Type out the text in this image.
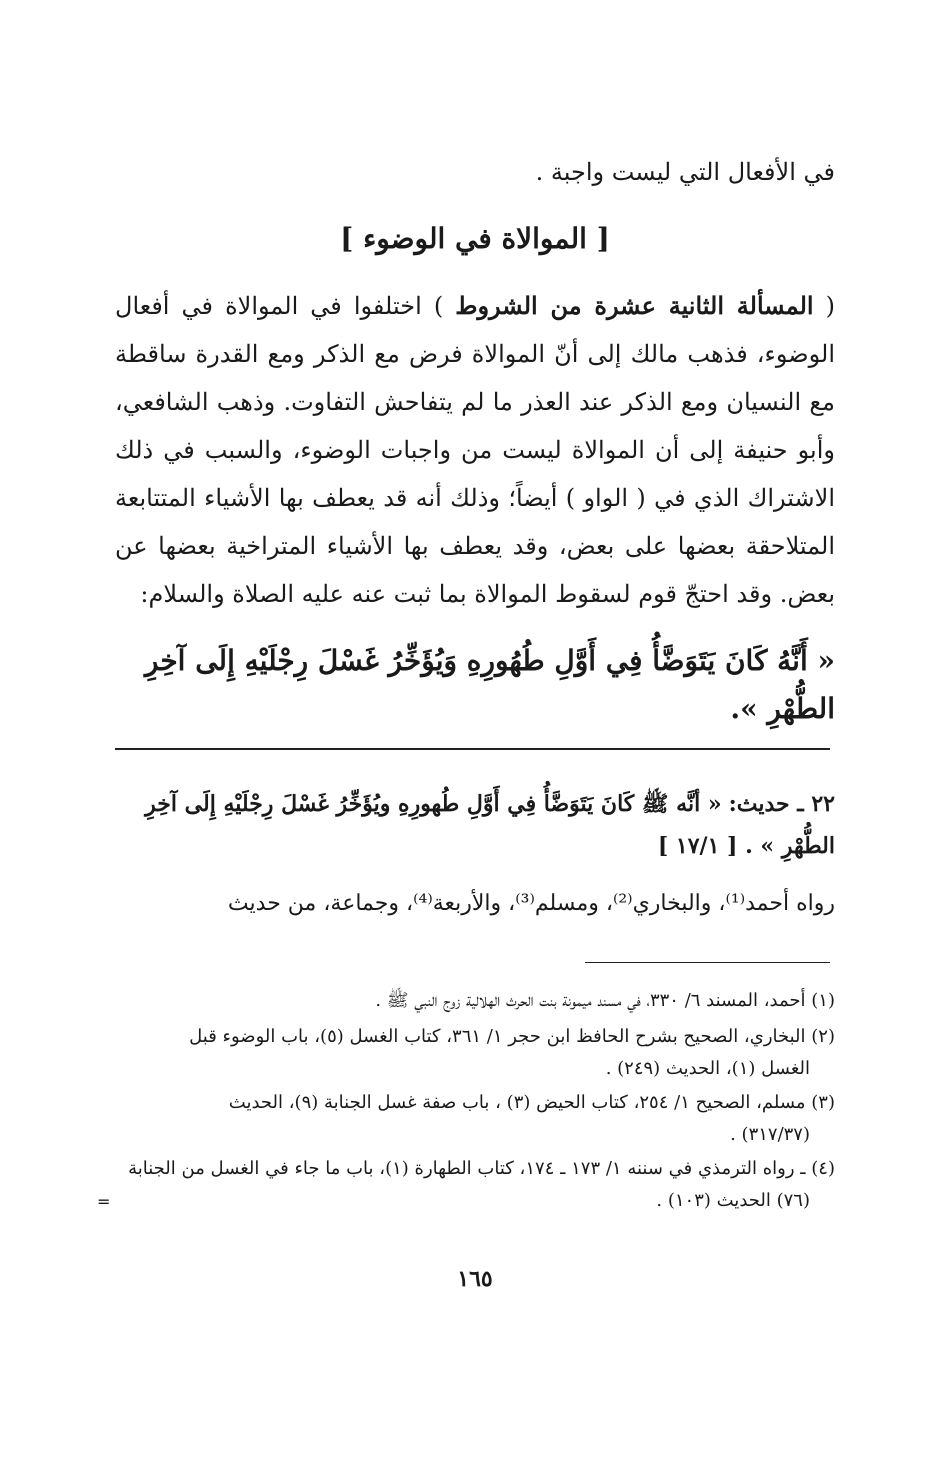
في الأفعال التي ليست واجبة .
[ الموالاة في الوضوء ]

( المسألة الثانية عشرة من الشروط ) اختلفوا في الموالاة في أفعال الوضوء، فذهب مالك إلى أنّ الموالاة فرض مع الذكر ومع القدرة ساقطة مع النسيان ومع الذكر عند العذر ما لم يتفاحش التفاوت. وذهب الشافعي، وأبو حنيفة إلى أن الموالاة ليست من واجبات الوضوء، والسبب في ذلك الاشتراك الذي في ( الواو ) أيضاً؛ وذلك أنه قد يعطف بها الأشياء المتتابعة المتلاحقة بعضها على بعض، وقد يعطف بها الأشياء المتراخية بعضها عن بعض. وقد احتجّ قوم لسقوط الموالاة بما ثبت عنه عليه الصلاة والسلام:

« أَنَّهُ كَانَ يَتَوَضَّأُ فِي أَوَّلِ طُهُورِهِ وَيُؤَخِّرُ غَسْلَ رِجْلَيْهِ إِلَى آخِرِ
الطُّهْرِ ».
٢٢ ـ حديث: « أنَّه ﷺ كَانَ يَتَوَضَّأُ فِي أَوَّلِ طُهورِهِ ويُؤَخِّرُ غَسْلَ رِجْلَيْهِ إِلَى آخِرِ
الطُّهْرِ » . [ ١٧/١ ]
رواه أحمد⁽¹⁾، والبخاري⁽²⁾، ومسلم⁽³⁾، والأربعة⁽⁴⁾، وجماعة، من حديث
(١) أحمد، المسند ٦/ ٣٣٠، في مسند ميمونة بنت الحرث الهلالية زوج النبي ﷺ .
(٢) البخاري، الصحيح بشرح الحافظ ابن حجر ١/ ٣٦١، كتاب الغسل (٥)، باب الوضوء قبل
الغسل (١)، الحديث (٢٤٩) .
(٣) مسلم، الصحيح ١/ ٢٥٤، كتاب الحيض (٣) ، باب صفة غسل الجنابة (٩)، الحديث
(٣١٧/٣٧) .
(٤) ـ رواه الترمذي في سننه ١/ ١٧٣ ـ ١٧٤، كتاب الطهارة (١)، باب ما جاء في الغسل من الجنابة
(٧٦) الحديث (١٠٣) .
=
١٦٥
